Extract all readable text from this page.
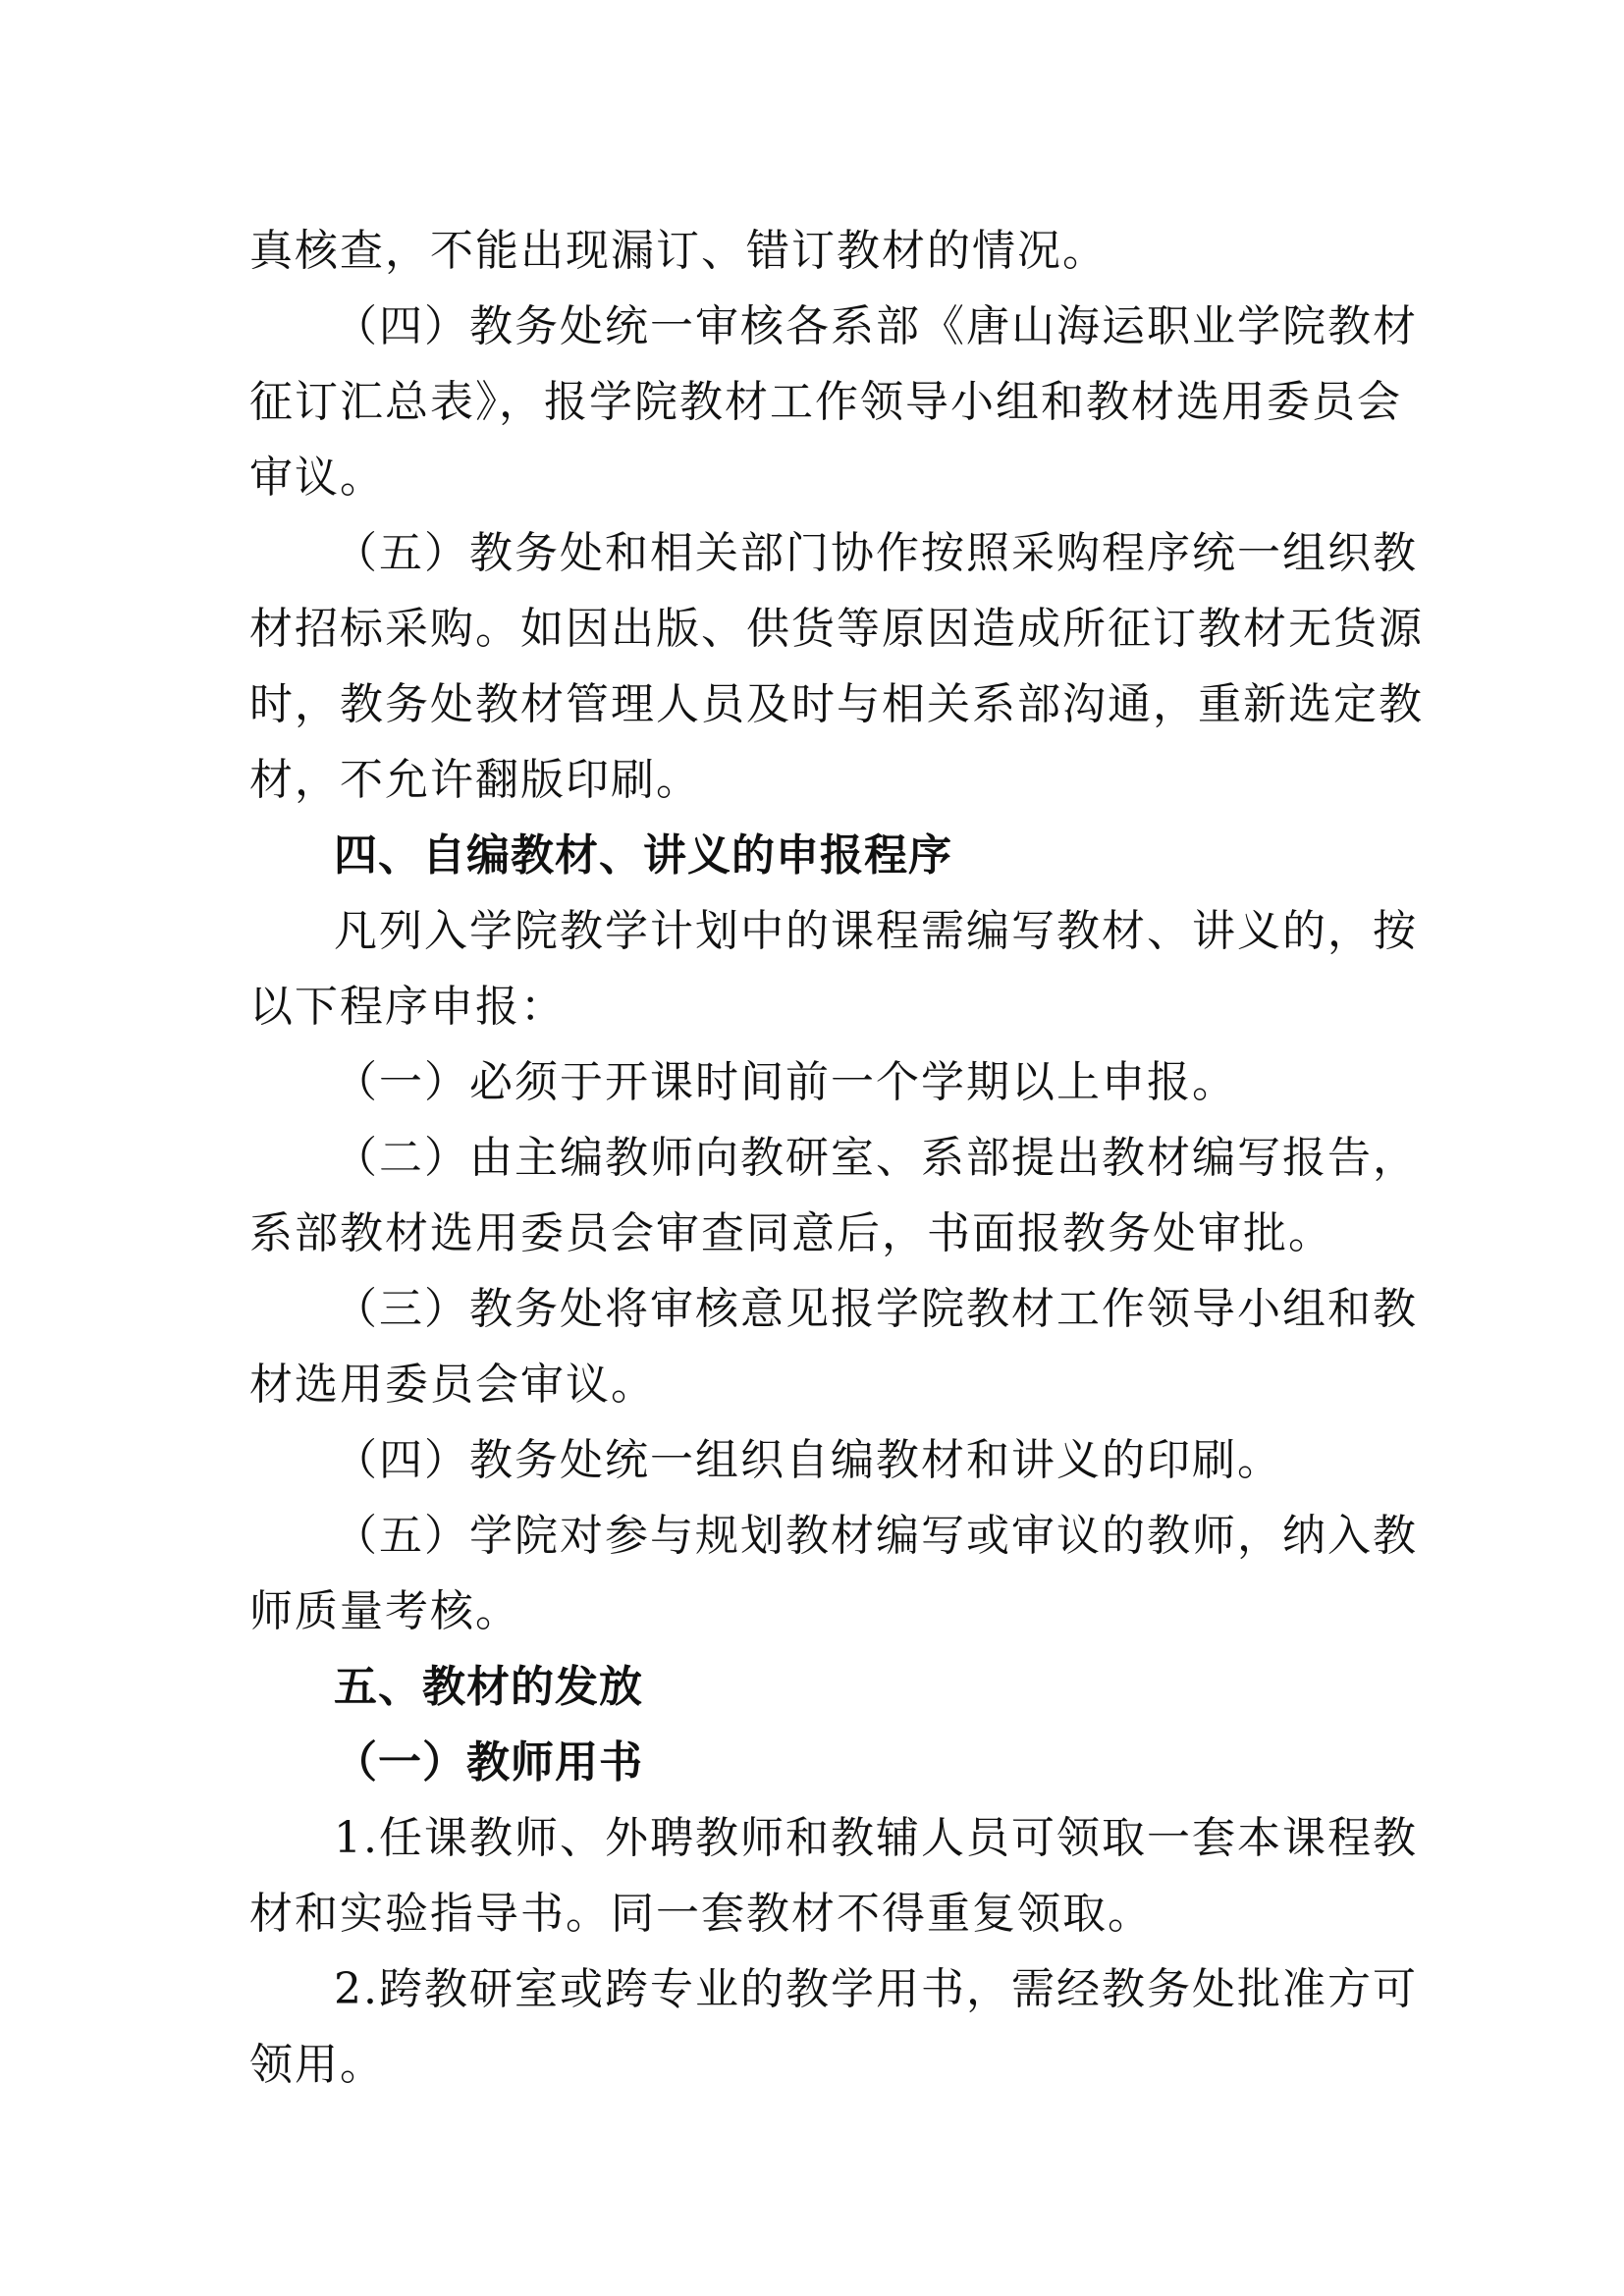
真核查，不能出现漏订、错订教材的情况。
（四）教务处统一审核各系部《唐山海运职业学院教材
征订汇总表》，报学院教材工作领导小组和教材选用委员会
审议。
（五）教务处和相关部门协作按照采购程序统一组织教
材招标采购。如因出版、供货等原因造成所征订教材无货源
时，教务处教材管理人员及时与相关系部沟通，重新选定教
材，不允许翻版印刷。
四、自编教材、讲义的申报程序
凡列入学院教学计划中的课程需编写教材、讲义的，按
以下程序申报：
（一）必须于开课时间前一个学期以上申报。
（二）由主编教师向教研室、系部提出教材编写报告，
系部教材选用委员会审查同意后，书面报教务处审批。
（三）教务处将审核意见报学院教材工作领导小组和教
材选用委员会审议。
（四）教务处统一组织自编教材和讲义的印刷。
（五）学院对参与规划教材编写或审议的教师，纳入教
师质量考核。
五、教材的发放
（一）教师用书
1.任课教师、外聘教师和教辅人员可领取一套本课程教
材和实验指导书。同一套教材不得重复领取。
2.跨教研室或跨专业的教学用书，需经教务处批准方可
领用。
